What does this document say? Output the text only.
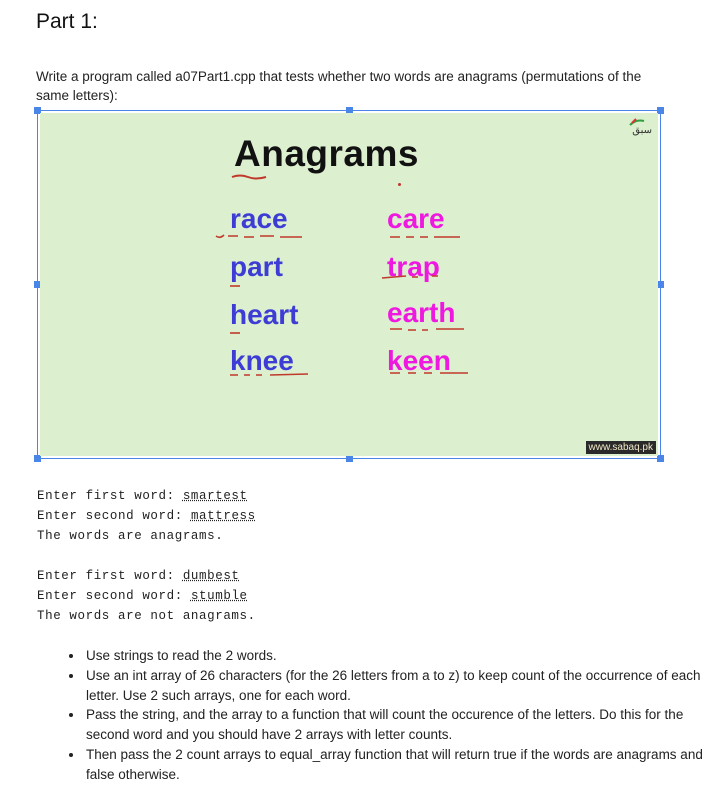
Part 1:
Write a program called a07Part1.cpp that tests whether two words are anagrams (permutations of the same letters):
Anagrams
race	care
part	trap
heart	earth
knee	keen
سبق
www.sabaq.pk
Enter first word: smartest
Enter second word: mattress
The words are anagrams.
Enter first word: dumbest
Enter second word: stumble
The words are not anagrams.
• Use strings to read the 2 words.
• Use an int array of 26 characters (for the 26 letters from a to z) to keep count of the occurrence of each letter. Use 2 such arrays, one for each word.
• Pass the string, and the array to a function that will count the occurence of the letters. Do this for the second word and you should have 2 arrays with letter counts.
• Then pass the 2 count arrays to equal_array function that will return true if the words are anagrams and false otherwise.
